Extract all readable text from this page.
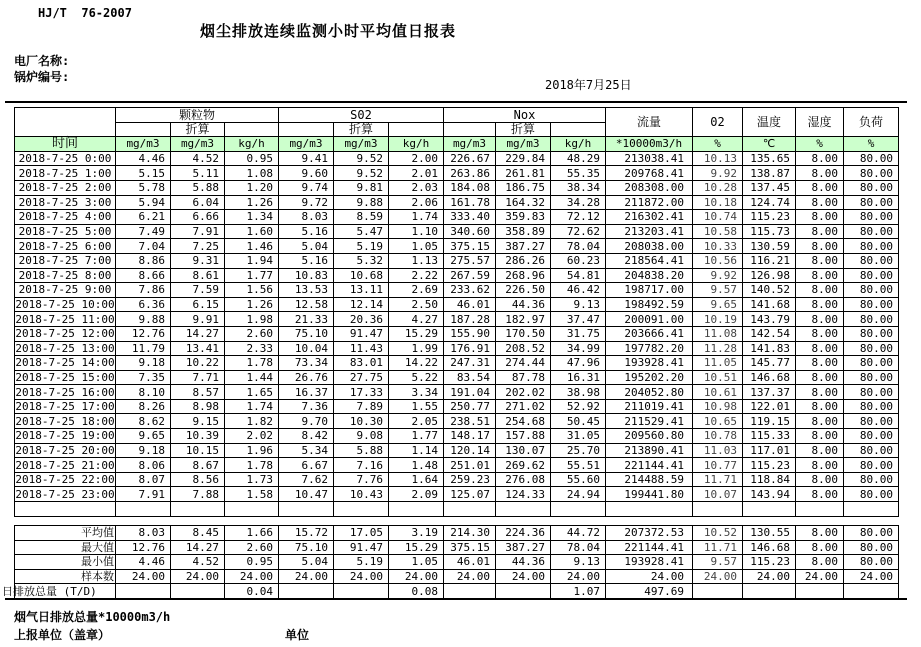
HJ/T  76-2007
烟尘排放连续监测小时平均值日报表
电厂名称:
锅炉编号:
2018年7月25日
	颗粒物			S02			Nox			流量	02	温度	湿度	负荷
		折算			折算			折算						
时间	mg/m3	mg/m3	kg/h	mg/m3	mg/m3	kg/h	mg/m3	mg/m3	kg/h	*10000m3/h	%	℃	%	%
2018-7-25 0:00	4.46	4.52	0.95	9.41	9.52	2.00	226.67	229.84	48.29	213038.41	10.13	135.65	8.00	80.00
2018-7-25 1:00	5.15	5.11	1.08	9.60	9.52	2.01	263.86	261.81	55.35	209768.41	9.92	138.87	8.00	80.00
2018-7-25 2:00	5.78	5.88	1.20	9.74	9.81	2.03	184.08	186.75	38.34	208308.00	10.28	137.45	8.00	80.00
2018-7-25 3:00	5.94	6.04	1.26	9.72	9.88	2.06	161.78	164.32	34.28	211872.00	10.18	124.74	8.00	80.00
2018-7-25 4:00	6.21	6.66	1.34	8.03	8.59	1.74	333.40	359.83	72.12	216302.41	10.74	115.23	8.00	80.00
2018-7-25 5:00	7.49	7.91	1.60	5.16	5.47	1.10	340.60	358.89	72.62	213203.41	10.58	115.73	8.00	80.00
2018-7-25 6:00	7.04	7.25	1.46	5.04	5.19	1.05	375.15	387.27	78.04	208038.00	10.33	130.59	8.00	80.00
2018-7-25 7:00	8.86	9.31	1.94	5.16	5.32	1.13	275.57	286.26	60.23	218564.41	10.56	116.21	8.00	80.00
2018-7-25 8:00	8.66	8.61	1.77	10.83	10.68	2.22	267.59	268.96	54.81	204838.20	9.92	126.98	8.00	80.00
2018-7-25 9:00	7.86	7.59	1.56	13.53	13.11	2.69	233.62	226.50	46.42	198717.00	9.57	140.52	8.00	80.00
2018-7-25 10:00	6.36	6.15	1.26	12.58	12.14	2.50	46.01	44.36	9.13	198492.59	9.65	141.68	8.00	80.00
2018-7-25 11:00	9.88	9.91	1.98	21.33	20.36	4.27	187.28	182.97	37.47	200091.00	10.19	143.79	8.00	80.00
2018-7-25 12:00	12.76	14.27	2.60	75.10	91.47	15.29	155.90	170.50	31.75	203666.41	11.08	142.54	8.00	80.00
2018-7-25 13:00	11.79	13.41	2.33	10.04	11.43	1.99	176.91	208.52	34.99	197782.20	11.28	141.83	8.00	80.00
2018-7-25 14:00	9.18	10.22	1.78	73.34	83.01	14.22	247.31	274.44	47.96	193928.41	11.05	145.77	8.00	80.00
2018-7-25 15:00	7.35	7.71	1.44	26.76	27.75	5.22	83.54	87.78	16.31	195202.20	10.51	146.68	8.00	80.00
2018-7-25 16:00	8.10	8.57	1.65	16.37	17.33	3.34	191.04	202.02	38.98	204052.80	10.61	137.37	8.00	80.00
2018-7-25 17:00	8.26	8.98	1.74	7.36	7.89	1.55	250.77	271.02	52.92	211019.41	10.98	122.01	8.00	80.00
2018-7-25 18:00	8.62	9.15	1.82	9.70	10.30	2.05	238.51	254.68	50.45	211529.41	10.65	119.15	8.00	80.00
2018-7-25 19:00	9.65	10.39	2.02	8.42	9.08	1.77	148.17	157.88	31.05	209560.80	10.78	115.33	8.00	80.00
2018-7-25 20:00	9.18	10.15	1.96	5.34	5.88	1.14	120.14	130.07	25.70	213890.41	11.03	117.01	8.00	80.00
2018-7-25 21:00	8.06	8.67	1.78	6.67	7.16	1.48	251.01	269.62	55.51	221144.41	10.77	115.23	8.00	80.00
2018-7-25 22:00	8.07	8.56	1.73	7.62	7.76	1.64	259.23	276.08	55.60	214488.59	11.71	118.84	8.00	80.00
2018-7-25 23:00	7.91	7.88	1.58	10.47	10.43	2.09	125.07	124.33	24.94	199441.80	10.07	143.94	8.00	80.00

平均值	8.03	8.45	1.66	15.72	17.05	3.19	214.30	224.36	44.72	207372.53	10.52	130.55	8.00	80.00
最大值	12.76	14.27	2.60	75.10	91.47	15.29	375.15	387.27	78.04	221144.41	11.71	146.68	8.00	80.00
最小值	4.46	4.52	0.95	5.04	5.19	1.05	46.01	44.36	9.13	193928.41	9.57	115.23	8.00	80.00
样本数	24.00	24.00	24.00	24.00	24.00	24.00	24.00	24.00	24.00	24.00	24.00	24.00	24.00	24.00
日排放总量 (T/D)			0.04			0.08			1.07	497.69				
烟气日排放总量*10000m3/h
上报单位（盖章）	单位
